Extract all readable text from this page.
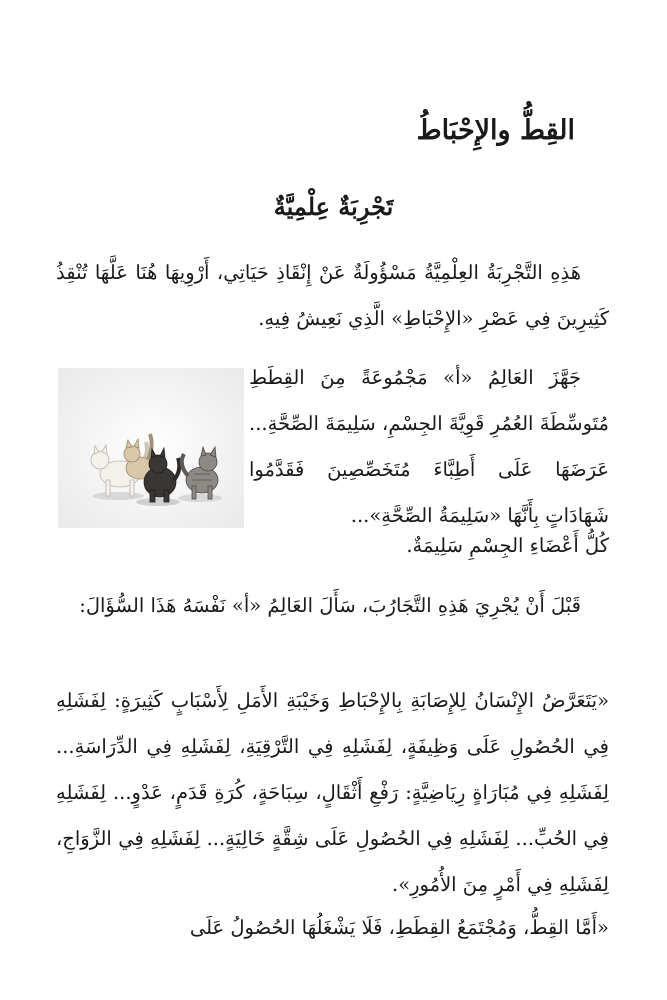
القِطُّ والإِحْبَاطُ
تَجْرِبَةٌ عِلْمِيَّةٌ

هَذِهِ التَّجْرِبَةُ العِلْمِيَّةُ مَسْؤُولَةٌ عَنْ إِنْقَاذِ حَيَاتِي، أَرْوِيهَا هُنَا عَلَّهَا تُنْقِذُ كَثِيرِينَ فِي عَصْرِ «الإِحْبَاطِ» الَّذِي نَعِيشُ فِيهِ.

جَهَّزَ العَالِمُ «أ» مَجْمُوعَةً مِنَ القِطَطِ مُتَوسِّطَةَ العُمُرِ قَوِيَّةَ الجِسْمِ، سَلِيمَةَ الصِّحَّةِ... عَرَضَهَا عَلَى أَطِبَّاءَ مُتَخَصِّصِينَ فَقَدَّمُوا شَهَادَاتٍ بِأَنَّهَا «سَلِيمَةُ الصِّحَّةِ»...

كُلُّ أَعْضَاءِ الجِسْمِ سَلِيمَةٌ.

قَبْلَ أَنْ يُجْرِيَ هَذِهِ التَّجَارُبَ، سَأَلَ العَالِمُ «أ» نَفْسَهُ هَذَا السُّؤَالَ:

«يَتَعَرَّضُ الإِنْسَانُ لِلإِصَابَةِ بِالإِحْبَاطِ وَخَيْبَةِ الأَمَلِ لِأَسْبَابٍ كَثِيرَةٍ: لِفَشَلِهِ فِي الحُصُولِ عَلَى وَظِيفَةٍ، لِفَشَلِهِ فِي التَّرْقِيَةِ، لِفَشَلِهِ فِي الدِّرَاسَةِ... لِفَشَلِهِ فِي مُبَارَاةٍ رِيَاضِيَّةٍ: رَفْعِ أَثْقَالٍ، سِبَاحَةٍ، كُرَةِ قَدَمٍ، عَدْوٍ... لِفَشَلِهِ فِي الحُبِّ... لِفَشَلِهِ فِي الحُصُولِ عَلَى شِقَّةٍ خَالِيَةٍ... لِفَشَلِهِ فِي الزَّوَاجِ، لِفَشَلِهِ فِي أَمْرٍ مِنَ الأُمُورِ».

«أَمَّا القِطُّ، وَمُجْتَمَعُ القِطَطِ، فَلَا يَشْغَلُهَا الحُصُولُ عَلَى
